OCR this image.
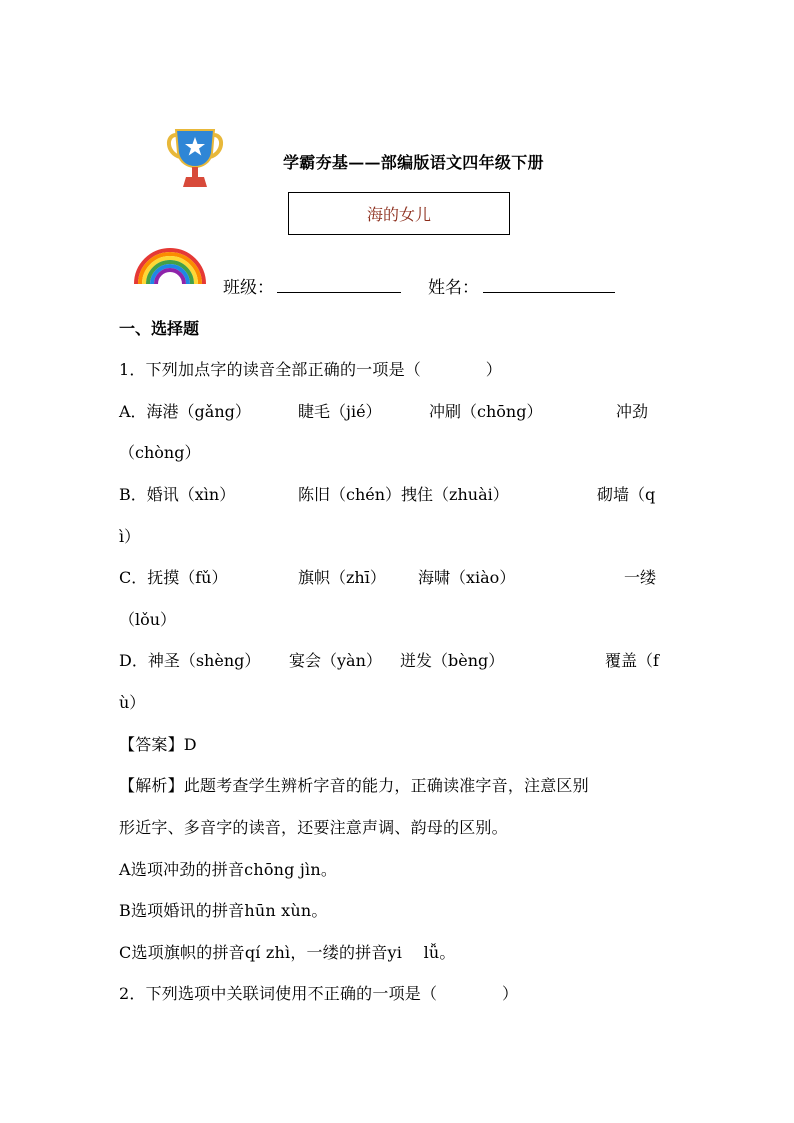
学霸夯基——部编版语文四年级下册
海的女儿
班级：	姓名：
一、选择题
1．下列加点字的读音全部正确的一项是（　　　　）
A．海港（gǎng）	睫毛（jié）	冲刷（chōng）	冲劲
（chòng）
B．婚讯（xìn）	陈旧（chén）拽住（zhuài）	砌墙（q
ì）
C．抚摸（fǔ）	旗帜（zhī） 海啸（xiào）	一缕
（lǒu）
D．神圣（shèng） 宴会（yàn） 迸发（bèng）	覆盖（f
ù）
【答案】D
【解析】此题考查学生辨析字音的能力，正确读准字音，注意区别
形近字、多音字的读音，还要注意声调、韵母的区别。
A选项冲劲的拼音chōng jìn。
B选项婚讯的拼音hūn xùn。
C选项旗帜的拼音qí zhì，一缕的拼音yi　 lǚ。
2．下列选项中关联词使用不正确的一项是（　　　　）
